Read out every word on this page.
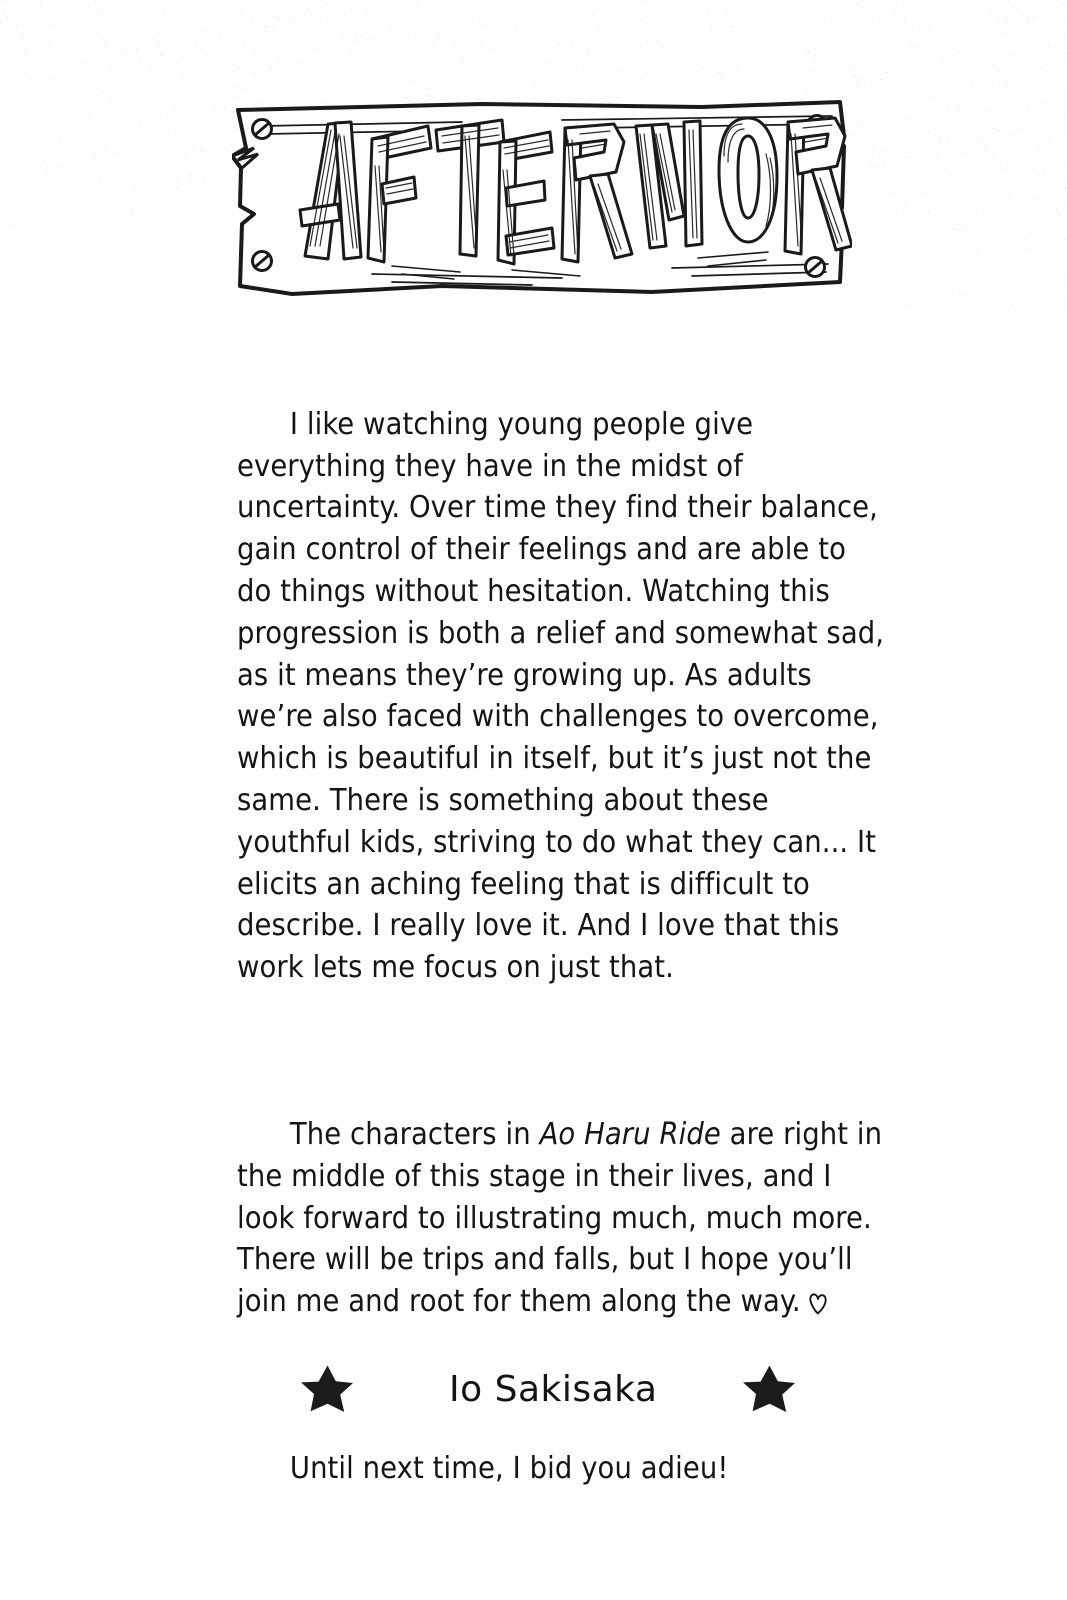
I like watching young people give everything they have in the midst of uncertainty. Over time they find their balance, gain control of their feelings and are able to do things without hesitation. Watching this progression is both a relief and somewhat sad, as it means they’re growing up. As adults we’re also faced with challenges to overcome, which is beautiful in itself, but it’s just not the same. There is something about these youthful kids, striving to do what they can... It elicits an aching feeling that is difficult to describe. I really love it. And I love that this work lets me focus on just that.

The characters in Ao Haru Ride are right in the middle of this stage in their lives, and I look forward to illustrating much, much more. There will be trips and falls, but I hope you’ll join me and root for them along the way.

Until next time, I bid you adieu!

Io Sakisaka
